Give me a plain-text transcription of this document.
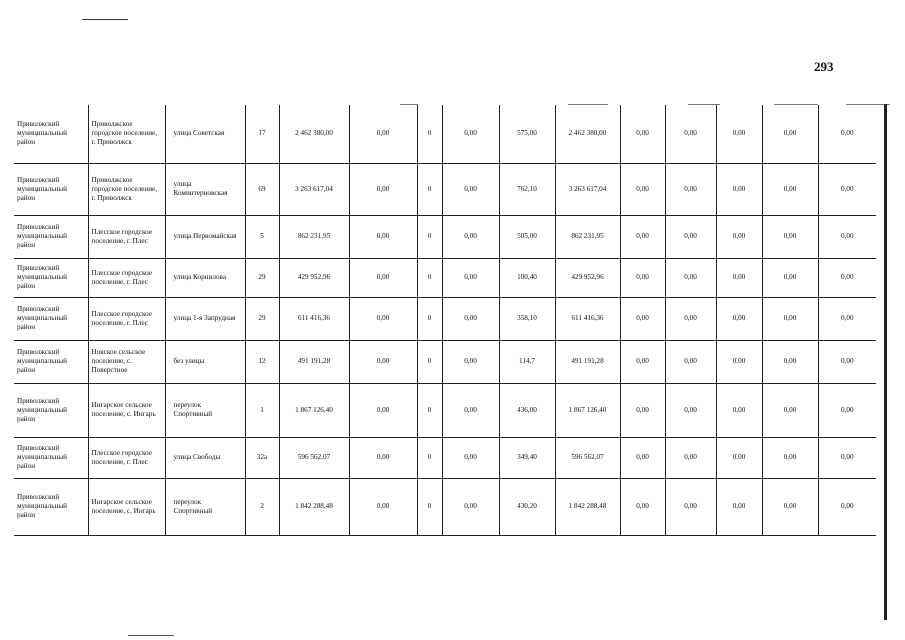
293
Приволжский муниципальный район	Приволжское городское поселение, г. Приволжск	улица Советская	17	2 462 380,00	0,00	0	0,00	575,00	2 462 380,00	0,00	0,00	0,00	0,00	0,00
Приволжский муниципальный район	Приволжское городское поселение, г. Приволжск	улица Коминтерновская	69	3 263 617,04	0,00	0	0,00	762,10	3 263 617,04	0,00	0,00	0,00	0,00	0,00
Приволжский муниципальный район	Плесское городское поселение, г. Плес	улица Первомайская	5	862 231,95	0,00	0	0,00	505,00	862 231,95	0,00	0,00	0,00	0,00	0,00
Приволжский муниципальный район	Плесское городское поселение, г. Плес	улица Корнилова	29	429 952,96	0,00	0	0,00	100,40	429 952,96	0,00	0,00	0,00	0,00	0,00
Приволжский муниципальный район	Плесское городское поселение, г. Плес	улица 1-я Запрудная	29	611 416,36	0,00	0	0,00	358,10	611 416,36	0,00	0,00	0,00	0,00	0,00
Приволжский муниципальный район	Новское сельское поселение, с. Поверстное	без улицы	12	491 191,28	0,00	0	0,00	114,7	491 191,28	0,00	0,00	0,00	0,00	0,00
Приволжский муниципальный район	Ингарское сельское поселение, с. Ингарь	переулок Спортивный	1	1 867 126,40	0,00	0	0,00	436,00	1 867 126,40	0,00	0,00	0,00	0,00	0,00
Приволжский муниципальный район	Плесское городское поселение, г. Плес	улица Свободы	32а	596 562,07	0,00	0	0,00	349,40	596 562,07	0,00	0,00	0,00	0,00	0,00
Приволжский муниципальный район	Ингарское сельское поселение, с. Ингарь	переулок Спортивный	2	1 842 288,48	0,00	0	0,00	430,20	1 842 288,48	0,00	0,00	0,00	0,00	0,00
